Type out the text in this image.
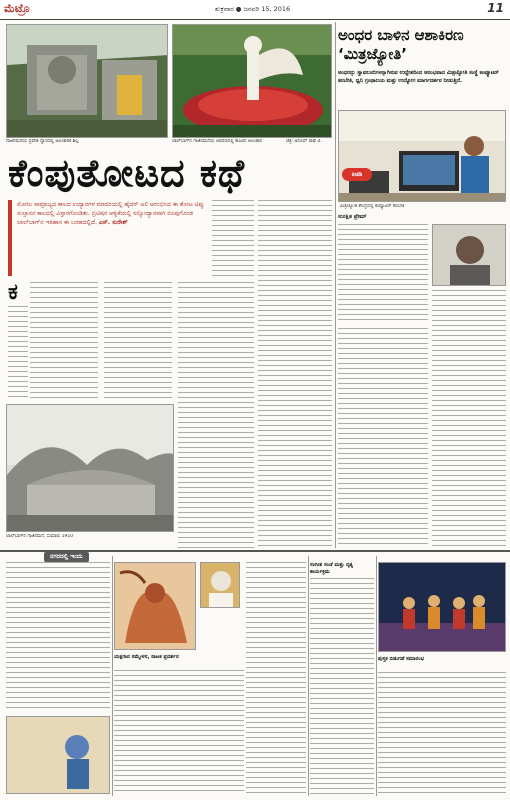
ಮೆಟ್ರೊ	ಶುಕ್ರವಾರ ● ಜನವರಿ 15, 2016	11
ಗಾಜಿನಮನೆಯ ಪ್ರವೇಶ ದ್ವಾರದಲ್ಲಿ ಅಲಂಕಾರಿಕ ಶಿಲ್ಪ	ಲಾಲ್‌ಬಾಗ್‌ನ ಗಾಜಿನಮನೆಯ ಆವರಣದಲ್ಲಿ ಹೂವಿನ ಅಲಂಕಾರ	ಚಿತ್ರ: ಅನೂಪ್ ರಾಘ ಟಿ.
ಕೆಂಪುತೋಟದ ಕಥೆ
ಮೊಗಲ ಸಾಮ್ರಾಜ್ಯದ ಕಾಲದ ಉದ್ಯಾನಗಳ ಮಾದರಿಯಲ್ಲಿ ಹೈದರ್ ಅಲಿ ಆರಂಭಿಸಿದ ಈ ತೋಟ ಟಿಪ್ಪು ಸುಲ್ತಾನನ ಕಾಲದಲ್ಲಿ ವಿಸ್ತಾರಗೊಂಡಿತು. ಬ್ರಿಟಿಷರ ಆಳ್ವಿಕೆಯಲ್ಲಿ ಸಸ್ಯೋದ್ಯಾನವಾಗಿ ರೂಪುಗೊಂಡ ಲಾಲ್‌ಬಾಗ್‌ನ ಇತಿಹಾಸ ಈ ಬರಹದಲ್ಲಿದೆ. ಎಸ್. ಸುರೇಶ್
ಕ
ಲಾಲ್‌ಬಾಗ್‌ನ ಗಾಜಿನಮನೆ, ಸುಮಾರು 1910
ಅಂಧರ ಬಾಳಿನ ಆಶಾಕಿರಣ ‘ಮಿತ್ರಜ್ಯೋತಿ’
ಅಂಧರನ್ನು ಸ್ವಾವಲಂಬಿಗಳನ್ನಾಗಿಸುವ ಉದ್ದೇಶದಿಂದ ಆರಂಭವಾದ ಮಿತ್ರಜ್ಯೋತಿ ಸಂಸ್ಥೆ ಕಂಪ್ಯೂಟರ್ ತರಬೇತಿ, ಧ್ವನಿ ಗ್ರಂಥಾಲಯ ಮತ್ತು ಉದ್ಯೋಗ ಮಾರ್ಗದರ್ಶನ ನೀಡುತ್ತಿದೆ.
ಕಿಚಡಿ
ಮಿತ್ರಜ್ಯೋತಿ ಕೇಂದ್ರದಲ್ಲಿ ಕಂಪ್ಯೂಟರ್ ತರಬೇತಿ
ಸುರಕ್ಷಿತ ಪ್ರೇಮ್
ನಗರದಲ್ಲಿ ಇಂದು
ಯಕ್ಷಗಾನ ಸಮ್ಮೇಳನ, ನಾಟಕ ಪ್ರದರ್ಶನ
ಸಂಗೀತ ಸಂಜೆ ಮತ್ತು ನೃತ್ಯ ಕಾರ್ಯಕ್ರಮ
ಪುಸ್ತಕ ಬಿಡುಗಡೆ ಸಮಾರಂಭ
